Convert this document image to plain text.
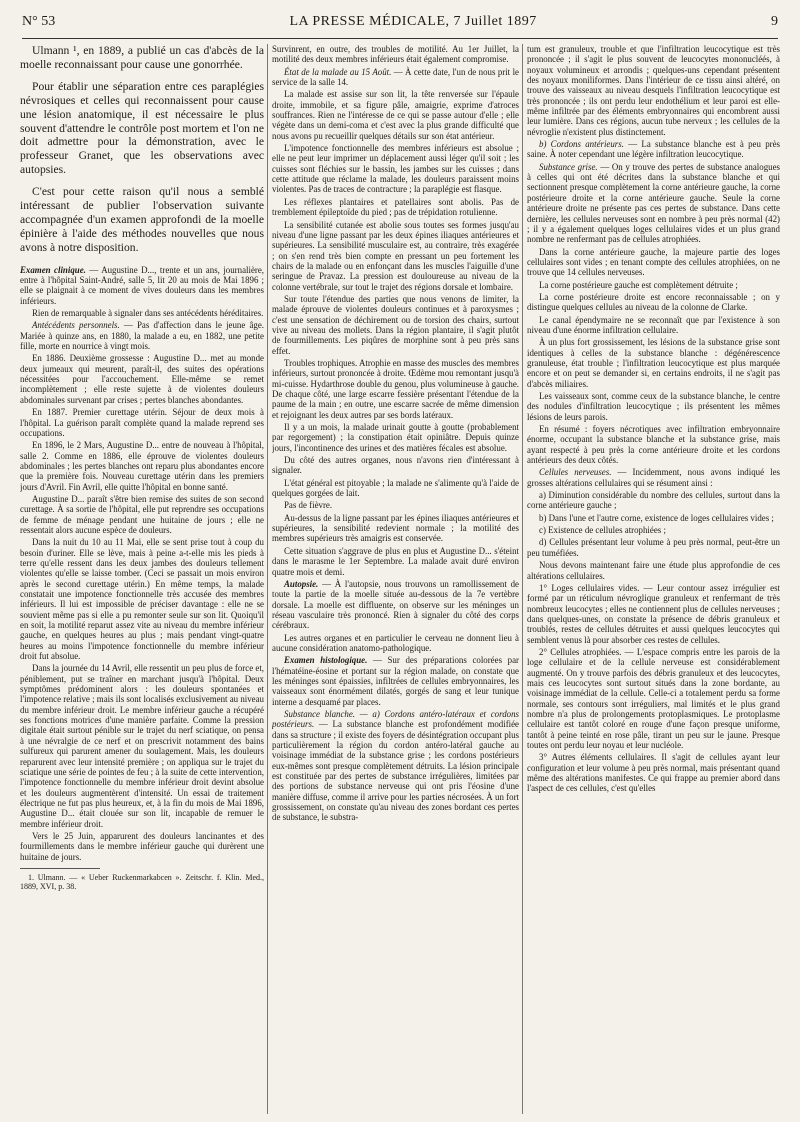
N° 53	LA PRESSE MÉDICALE, 7 Juillet 1897	9

Ulmann ¹, en 1889, a publié un cas d'abcès de la moelle reconnaissant pour cause une gonorrhée.

Pour établir une séparation entre ces paraplégies névrosiques et celles qui reconnaissent pour cause une lésion anatomique, il est nécessaire le plus souvent d'attendre le contrôle post mortem et l'on ne doit admettre pour la démonstration, avec le professeur Granet, que les observations avec autopsies.

C'est pour cette raison qu'il nous a semblé intéressant de publier l'observation suivante accompagnée d'un examen approfondi de la moelle épinière à l'aide des méthodes nouvelles que nous avons à notre disposition.

Examen clinique. — Augustine D..., trente et un ans, journalière, entre à l'hôpital Saint-André, salle 5, lit 20 au mois de Mai 1896 ; elle se plaignait à ce moment de vives douleurs dans les membres inférieurs.

Rien de remarquable à signaler dans ses antécédents héréditaires.

Antécédents personnels. — Pas d'affection dans le jeune âge. Mariée à quinze ans, en 1880, la malade a eu, en 1882, une petite fille, morte en nourrice à vingt mois.

En 1886. Deuxième grossesse : Augustine D... met au monde deux jumeaux qui meurent, paraît-il, des suites des opérations nécessitées pour l'accouchement. Elle-même se remet incomplètement ; elle reste sujette à de violentes douleurs abdominales survenant par crises ; pertes blanches abondantes.

En 1887. Premier curettage utérin. Séjour de deux mois à l'hôpital. La guérison paraît complète quand la malade reprend ses occupations.

En 1896, le 2 Mars, Augustine D... entre de nouveau à l'hôpital, salle 2. Comme en 1886, elle éprouve de violentes douleurs abdominales ; les pertes blanches ont reparu plus abondantes encore que la première fois. Nouveau curettage utérin dans les premiers jours d'Avril. Fin Avril, elle quitte l'hôpital en bonne santé.

Augustine D... paraît s'être bien remise des suites de son second curettage. À sa sortie de l'hôpital, elle put reprendre ses occupations de femme de ménage pendant une huitaine de jours ; elle ne ressentait alors aucune espèce de douleurs.

Dans la nuit du 10 au 11 Mai, elle se sent prise tout à coup du besoin d'uriner. Elle se lève, mais à peine a-t-elle mis les pieds à terre qu'elle ressent dans les deux jambes des douleurs tellement violentes qu'elle se laisse tomber. (Ceci se passait un mois environ après le second curettage utérin.) En même temps, la malade constatait une impotence fonctionnelle très accusée des membres inférieurs. Il lui est impossible de préciser davantage : elle ne se souvient même pas si elle a pu remonter seule sur son lit. Quoiqu'il en soit, la motilité reparut assez vite au niveau du membre inférieur gauche, en quelques heures au plus ; mais pendant vingt-quatre heures au moins l'impotence fonctionnelle du membre inférieur droit fut absolue.

Dans la journée du 14 Avril, elle ressentit un peu plus de force et, péniblement, put se traîner en marchant jusqu'à l'hôpital. Deux symptômes prédominent alors : les douleurs spontanées et l'impotence relative ; mais ils sont localisés exclusivement au niveau du membre inférieur droit. Le membre inférieur gauche a récupéré ses fonctions motrices d'une manière parfaite. Comme la pression digitale était surtout pénible sur le trajet du nerf sciatique, on pensa à une névralgie de ce nerf et on prescrivit notamment des bains sulfureux qui parurent amener du soulagement. Mais, les douleurs reparurent avec leur intensité première ; on appliqua sur le trajet du sciatique une série de pointes de feu ; à la suite de cette intervention, l'impotence fonctionnelle du membre inférieur droit devint absolue et les douleurs augmentèrent d'intensité. Un essai de traitement électrique ne fut pas plus heureux, et, à la fin du mois de Mai 1896, Augustine D... était clouée sur son lit, incapable de remuer le membre inférieur droit.

Vers le 25 Juin, apparurent des douleurs lancinantes et des fourmillements dans le membre inférieur gauche qui durèrent une huitaine de jours.

1. Ulmann. — « Ueber Ruckenmarkabcen ». Zeitschr. f. Klin. Med., 1889, XVI, p. 38.

Survinrent, en outre, des troubles de motilité. Au 1er Juillet, la motilité des deux membres inférieurs était également compromise.

État de la malade au 15 Août. — À cette date, l'un de nous prit le service de la salle 14.

La malade est assise sur son lit, la tête renversée sur l'épaule droite, immobile, et sa figure pâle, amaigrie, exprime d'atroces souffrances. Rien ne l'intéresse de ce qui se passe autour d'elle ; elle végète dans un demi-coma et c'est avec la plus grande difficulté que nous avons pu recueillir quelques détails sur son état antérieur.

L'impotence fonctionnelle des membres inférieurs est absolue ; elle ne peut leur imprimer un déplacement aussi léger qu'il soit ; les cuisses sont fléchies sur le bassin, les jambes sur les cuisses ; dans cette attitude que réclame la malade, les douleurs paraissent moins violentes. Pas de traces de contracture ; la paraplégie est flasque.

Les réflexes plantaires et patellaires sont abolis. Pas de tremblement épileptoïde du pied ; pas de trépidation rotulienne.

La sensibilité cutanée est abolie sous toutes ses formes jusqu'au niveau d'une ligne passant par les deux épines iliaques antérieures et supérieures. La sensibilité musculaire est, au contraire, très exagérée ; on s'en rend très bien compte en pressant un peu fortement les chairs de la malade ou en enfonçant dans les muscles l'aiguille d'une seringue de Pravaz. La pression est douloureuse au niveau de la colonne vertébrale, sur tout le trajet des régions dorsale et lombaire.

Sur toute l'étendue des parties que nous venons de limiter, la malade éprouve de violentes douleurs continues et à paroxysmes ; c'est une sensation de déchirement ou de torsion des chairs, surtout vive au niveau des mollets. Dans la région plantaire, il s'agit plutôt de fourmillements. Les piqûres de morphine sont à peu près sans effet.

Troubles trophiques. Atrophie en masse des muscles des membres inférieurs, surtout prononcée à droite. Œdème mou remontant jusqu'à mi-cuisse. Hydarthrose double du genou, plus volumineuse à gauche. De chaque côté, une large escarre fessière présentant l'étendue de la paume de la main ; en outre, une escarre sacrée de même dimension et rejoignant les deux autres par ses bords latéraux.

Il y a un mois, la malade urinait goutte à goutte (probablement par regorgement) ; la constipation était opiniâtre. Depuis quinze jours, l'incontinence des urines et des matières fécales est absolue.

Du côté des autres organes, nous n'avons rien d'intéressant à signaler.

L'état général est pitoyable ; la malade ne s'alimente qu'à l'aide de quelques gorgées de lait.

Pas de fièvre.

Au-dessus de la ligne passant par les épines iliaques antérieures et supérieures, la sensibilité redevient normale ; la motilité des membres supérieurs très amaigris est conservée.

Cette situation s'aggrave de plus en plus et Augustine D... s'éteint dans le marasme le 1er Septembre. La malade avait duré environ quatre mois et demi.

Autopsie. — À l'autopsie, nous trouvons un ramollissement de toute la partie de la moelle située au-dessous de la 7e vertèbre dorsale. La moelle est diffluente, on observe sur les méninges un réseau vasculaire très prononcé. Rien à signaler du côté des corps cérébraux.

Les autres organes et en particulier le cerveau ne donnent lieu à aucune considération anatomo-pathologique.

Examen histologique. — Sur des préparations colorées par l'hématéine-éosine et portant sur la région malade, on constate que les méninges sont épaissies, infiltrées de cellules embryonnaires, les vaisseaux sont énormément dilatés, gorgés de sang et leur tunique interne a desquamé par places.

Substance blanche. — a) Cordons antéro-latéraux et cordons postérieurs. — La substance blanche est profondément modifiée dans sa structure ; il existe des foyers de désintégration occupant plus particulièrement la région du cordon antéro-latéral gauche au voisinage immédiat de la substance grise ; les cordons postérieurs eux-mêmes sont presque complètement détruits. La lésion principale est constituée par des pertes de substance irrégulières, limitées par des portions de substance nerveuse qui ont pris l'éosine d'une manière diffuse, comme il arrive pour les parties nécrosées. À un fort grossissement, on constate qu'au niveau des zones bordant ces pertes de substance, le substra-

tum est granuleux, trouble et que l'infiltration leucocytique est très prononcée ; il s'agit le plus souvent de leucocytes mononucléés, à noyaux volumineux et arrondis ; quelques-uns cependant présentent des noyaux moniliformes. Dans l'intérieur de ce tissu ainsi altéré, on trouve des vaisseaux au niveau desquels l'infiltration leucocytique est très prononcée ; ils ont perdu leur endothélium et leur paroi est elle-même infiltrée par des éléments embryonnaires qui encombrent aussi leur lumière. Dans ces régions, aucun tube nerveux ; les cellules de la névroglie n'existent plus distinctement.

b) Cordons antérieurs. — La substance blanche est à peu près saine. À noter cependant une légère infiltration leucocytique.

Substance grise. — On y trouve des pertes de substance analogues à celles qui ont été décrites dans la substance blanche et qui sectionnent presque complètement la corne antérieure gauche, la corne postérieure droite et la corne antérieure gauche. Seule la corne antérieure droite ne présente pas ces pertes de substance. Dans cette dernière, les cellules nerveuses sont en nombre à peu près normal (42) ; il y a également quelques loges cellulaires vides et un plus grand nombre ne renfermant pas de cellules atrophiées.

Dans la corne antérieure gauche, la majeure partie des loges cellulaires sont vides ; en tenant compte des cellules atrophiées, on ne trouve que 14 cellules nerveuses.

La corne postérieure gauche est complètement détruite ;

La corne postérieure droite est encore reconnaissable ; on y distingue quelques cellules au niveau de la colonne de Clarke.

Le canal épendymaire ne se reconnaît que par l'existence à son niveau d'une énorme infiltration cellulaire.

À un plus fort grossissement, les lésions de la substance grise sont identiques à celles de la substance blanche : dégénérescence granuleuse, état trouble ; l'infiltration leucocytique est plus marquée encore et on peut se demander si, en certains endroits, il ne s'agit pas d'abcès miliaires.

Les vaisseaux sont, comme ceux de la substance blanche, le centre des nodules d'infiltration leucocytique ; ils présentent les mêmes lésions de leurs parois.

En résumé : foyers nécrotiques avec infiltration embryonnaire énorme, occupant la substance blanche et la substance grise, mais ayant respecté à peu près la corne antérieure droite et les cordons antérieurs des deux côtés.

Cellules nerveuses. — Incidemment, nous avons indiqué les grosses altérations cellulaires qui se résument ainsi :

a) Diminution considérable du nombre des cellules, surtout dans la corne antérieure gauche ;

b) Dans l'une et l'autre corne, existence de loges cellulaires vides ;

c) Existence de cellules atrophiées ;

d) Cellules présentant leur volume à peu près normal, peut-être un peu tuméfiées.

Nous devons maintenant faire une étude plus approfondie de ces altérations cellulaires.

1° Loges cellulaires vides. — Leur contour assez irrégulier est formé par un réticulum névroglique granuleux et renfermant de très nombreux leucocytes ; elles ne contiennent plus de cellules nerveuses ; dans quelques-unes, on constate la présence de débris granuleux et troublés, restes de cellules détruites et aussi quelques leucocytes qui semblent venus là pour absorber ces restes de cellules.

2° Cellules atrophiées. — L'espace compris entre les parois de la loge cellulaire et de la cellule nerveuse est considérablement augmenté. On y trouve parfois des débris granuleux et des leucocytes, mais ces leucocytes sont surtout situés dans la zone bordante, au voisinage immédiat de la cellule. Celle-ci a totalement perdu sa forme normale, ses contours sont irréguliers, mal limités et le plus grand nombre n'a plus de prolongements protoplasmiques. Le protoplasme cellulaire est tantôt coloré en rouge d'une façon presque uniforme, tantôt à peine teinté en rose pâle, tirant un peu sur le jaune. Presque toutes ont perdu leur noyau et leur nucléole.

3° Autres éléments cellulaires. Il s'agit de cellules ayant leur configuration et leur volume à peu près normal, mais présentant quand même des altérations manifestes. Ce qui frappe au premier abord dans l'aspect de ces cellules, c'est qu'elles
